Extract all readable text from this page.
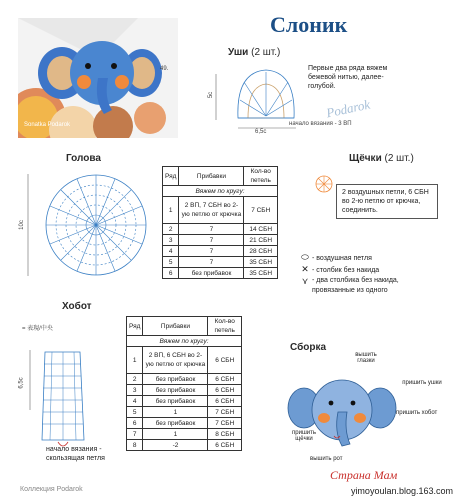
Sonatka Podarok
49.
Слоник
Уши (2 шт.)
5c
6,5c
Первые два ряда вяжем бежевой нитью, далее-голубой.
начало вязания - 3 ВП
Podarok
Голова
10c
Ряд	Прибавки	Кол-во петель
Вяжем по кругу:		
1	2 ВП, 7 СБН во 2-ую петлю от крючка	7 СБН
2	7	14 СБН
3	7	21 СБН
4	7	28 СБН
5	7	35 СБН
6	без прибавок	35 СБН
Щёчки (2 шт.)
2 воздушных петли, 6 СБН во 2-ю петлю от крючка, соединить.
⬭ - воздушная петля
✕ - столбик без накида
⋎ - два столбика без накида, провязанные из одного
Хобот
= 表現/中央
6,5c
начало вязания - скользящая петля
Ряд	Прибавки	Кол-во петель
Вяжем по кругу:		
1	2 ВП, 6 СБН во 2-ую петлю от крючка	6 СБН
2	без прибавок	6 СБН
3	без прибавок	6 СБН
4	без прибавок	6 СБН
5	1	7 СБН
6	без прибавок	7 СБН
7	1	8 СБН
8	-2	6 СБН
Сборка
вышить глазки
пришить ушки
пришить хобот
пришить щёчки
вышить рот
Коллекция Podarok
Страна Мам
yimoyoulan.blog.163.com
